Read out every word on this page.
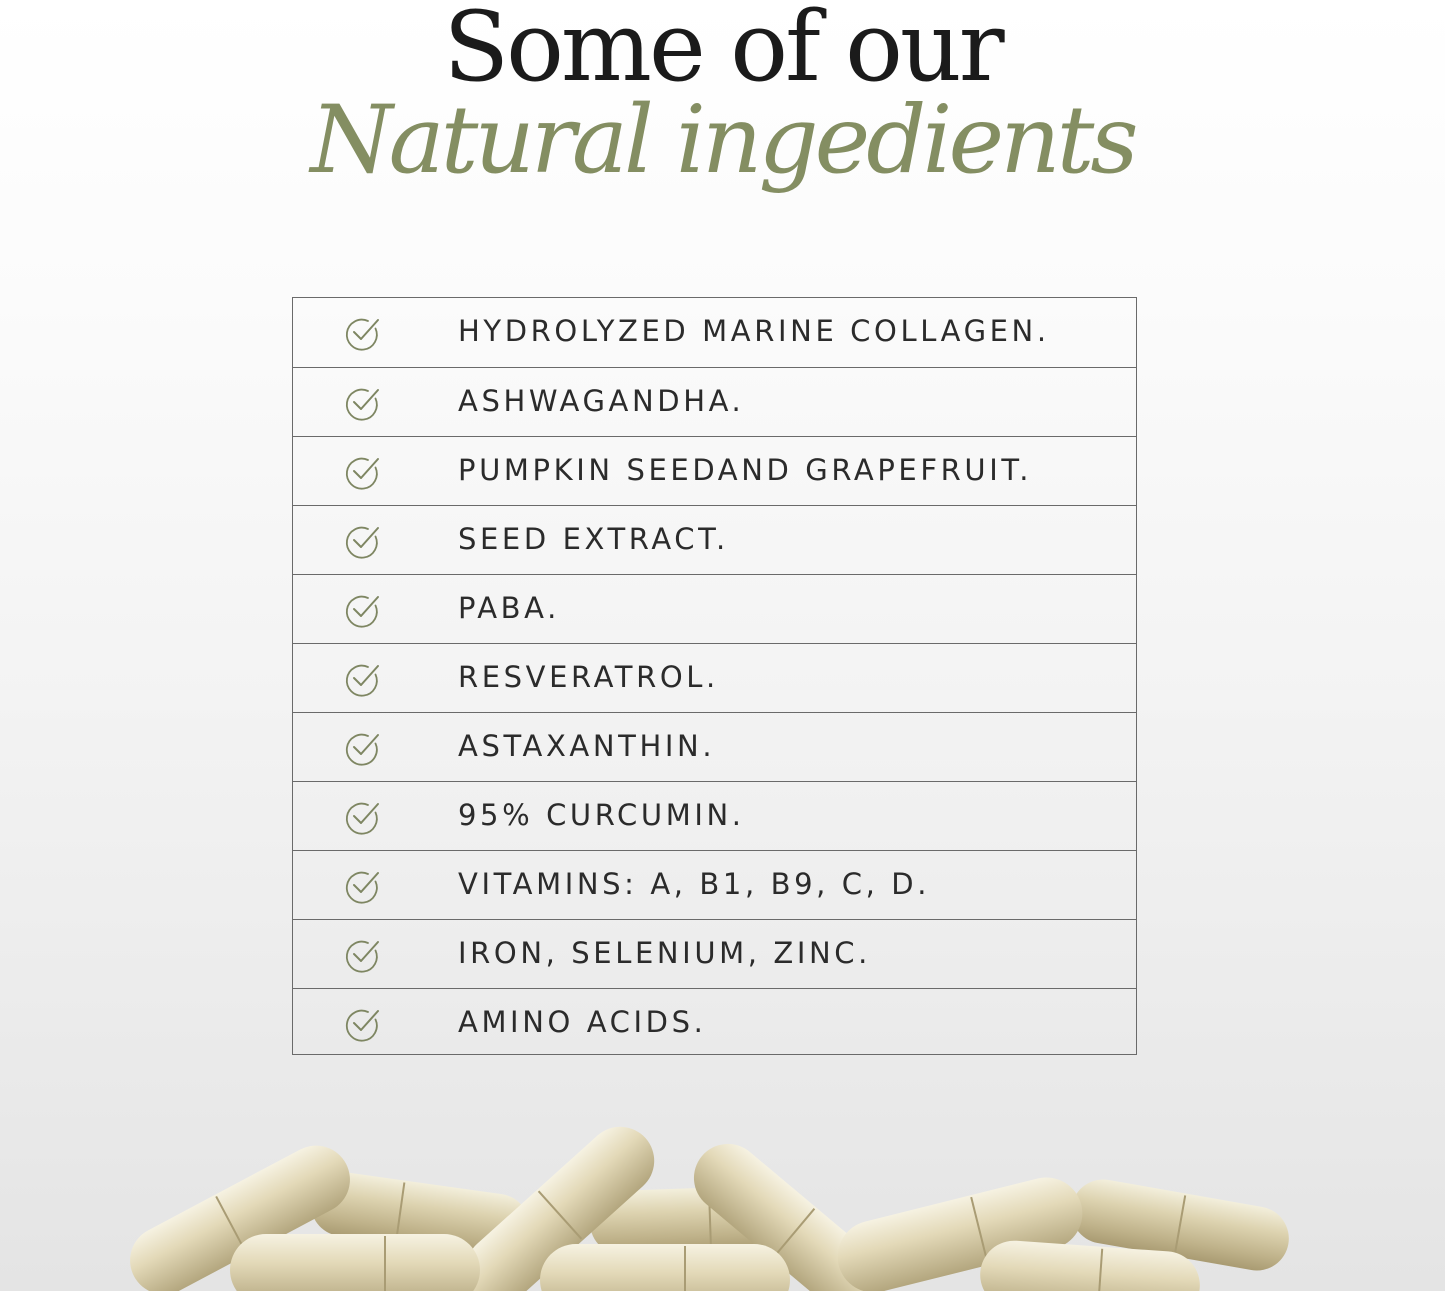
Some of our
Natural ingedients
HYDROLYZED MARINE COLLAGEN.
ASHWAGANDHA.
PUMPKIN SEEDAND GRAPEFRUIT.
SEED EXTRACT.
PABA.
RESVERATROL.
ASTAXANTHIN.
95% CURCUMIN.
VITAMINS: A, B1, B9, C, D.
IRON, SELENIUM, ZINC.
AMINO ACIDS.
